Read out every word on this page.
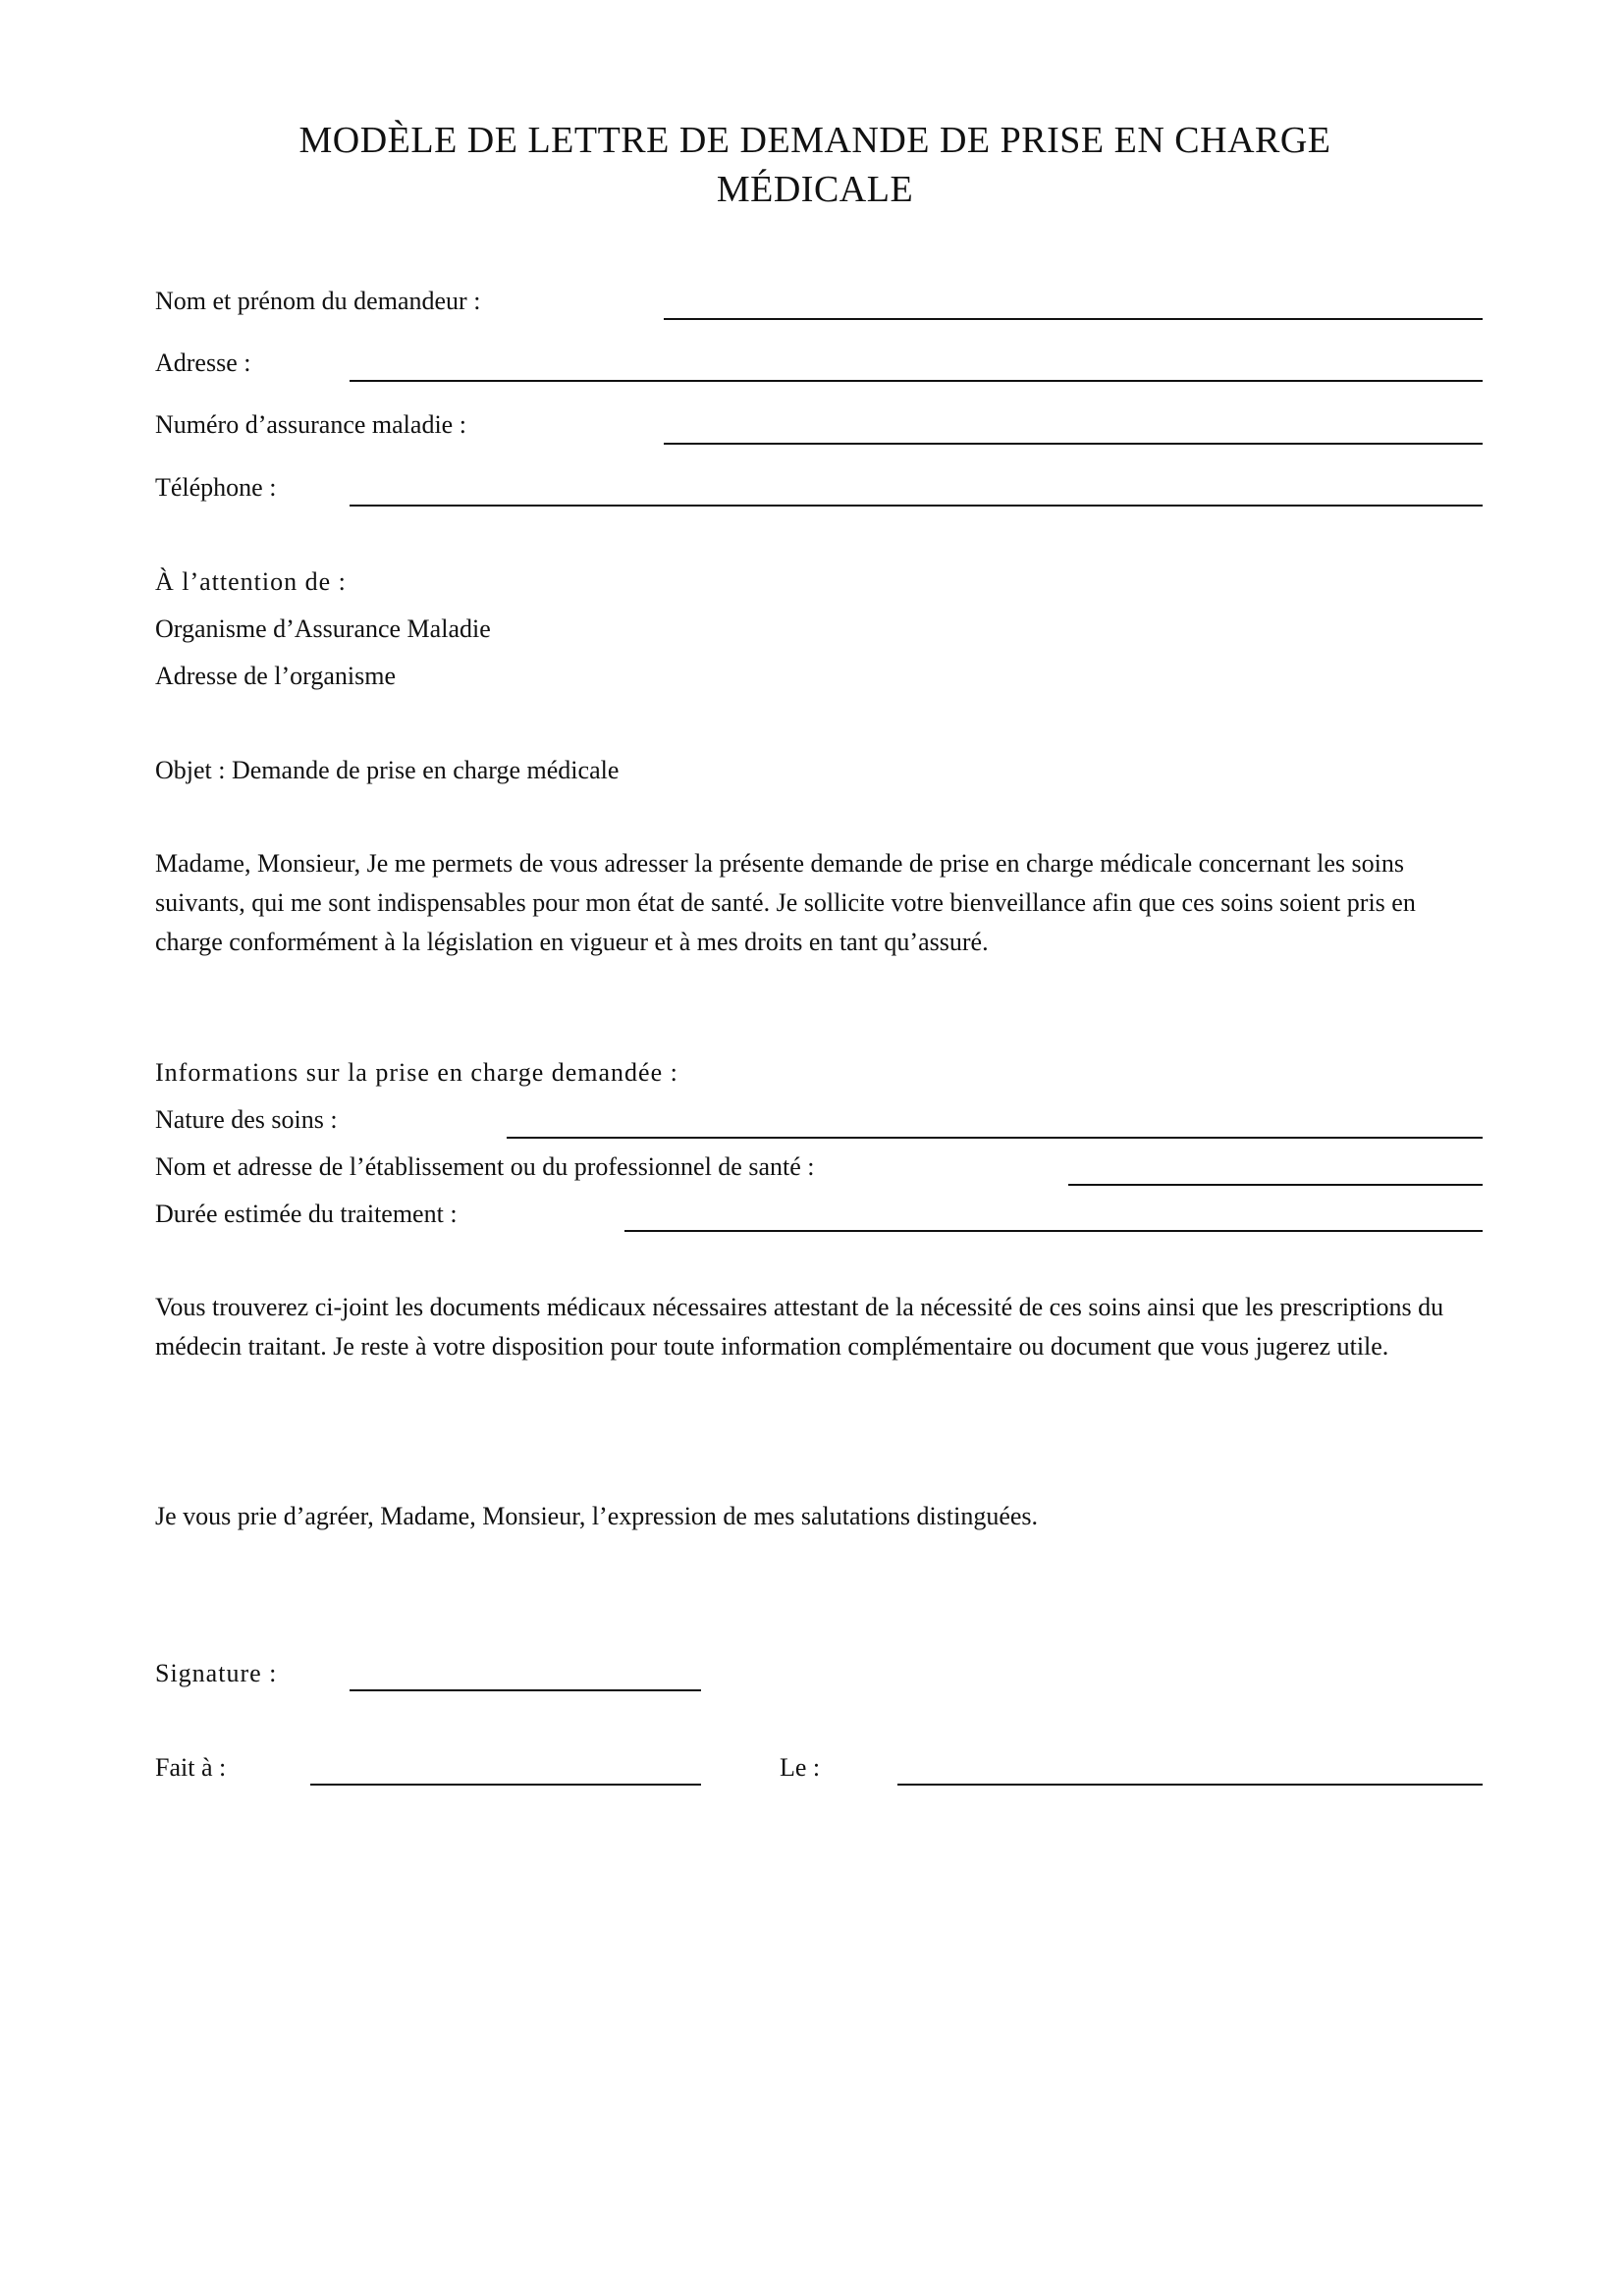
MODÈLE DE LETTRE DE DEMANDE DE PRISE EN CHARGE
MÉDICALE
Nom et prénom du demandeur :
Adresse :
Numéro d’assurance maladie :
Téléphone :
À l’attention de :
Organisme d’Assurance Maladie
Adresse de l’organisme
Objet : Demande de prise en charge médicale
Madame, Monsieur, Je me permets de vous adresser la présente demande de prise en charge médicale concernant les soins suivants, qui me sont indispensables pour mon état de santé. Je sollicite votre bienveillance afin que ces soins soient pris en charge conformément à la législation en vigueur et à mes droits en tant qu’assuré.
Informations sur la prise en charge demandée :
Nature des soins :
Nom et adresse de l’établissement ou du professionnel de santé :
Durée estimée du traitement :
Vous trouverez ci-joint les documents médicaux nécessaires attestant de la nécessité de ces soins ainsi que les prescriptions du médecin traitant. Je reste à votre disposition pour toute information complémentaire ou document que vous jugerez utile.
Je vous prie d’agréer, Madame, Monsieur, l’expression de mes salutations distinguées.
Signature :
Fait à :	Le :
